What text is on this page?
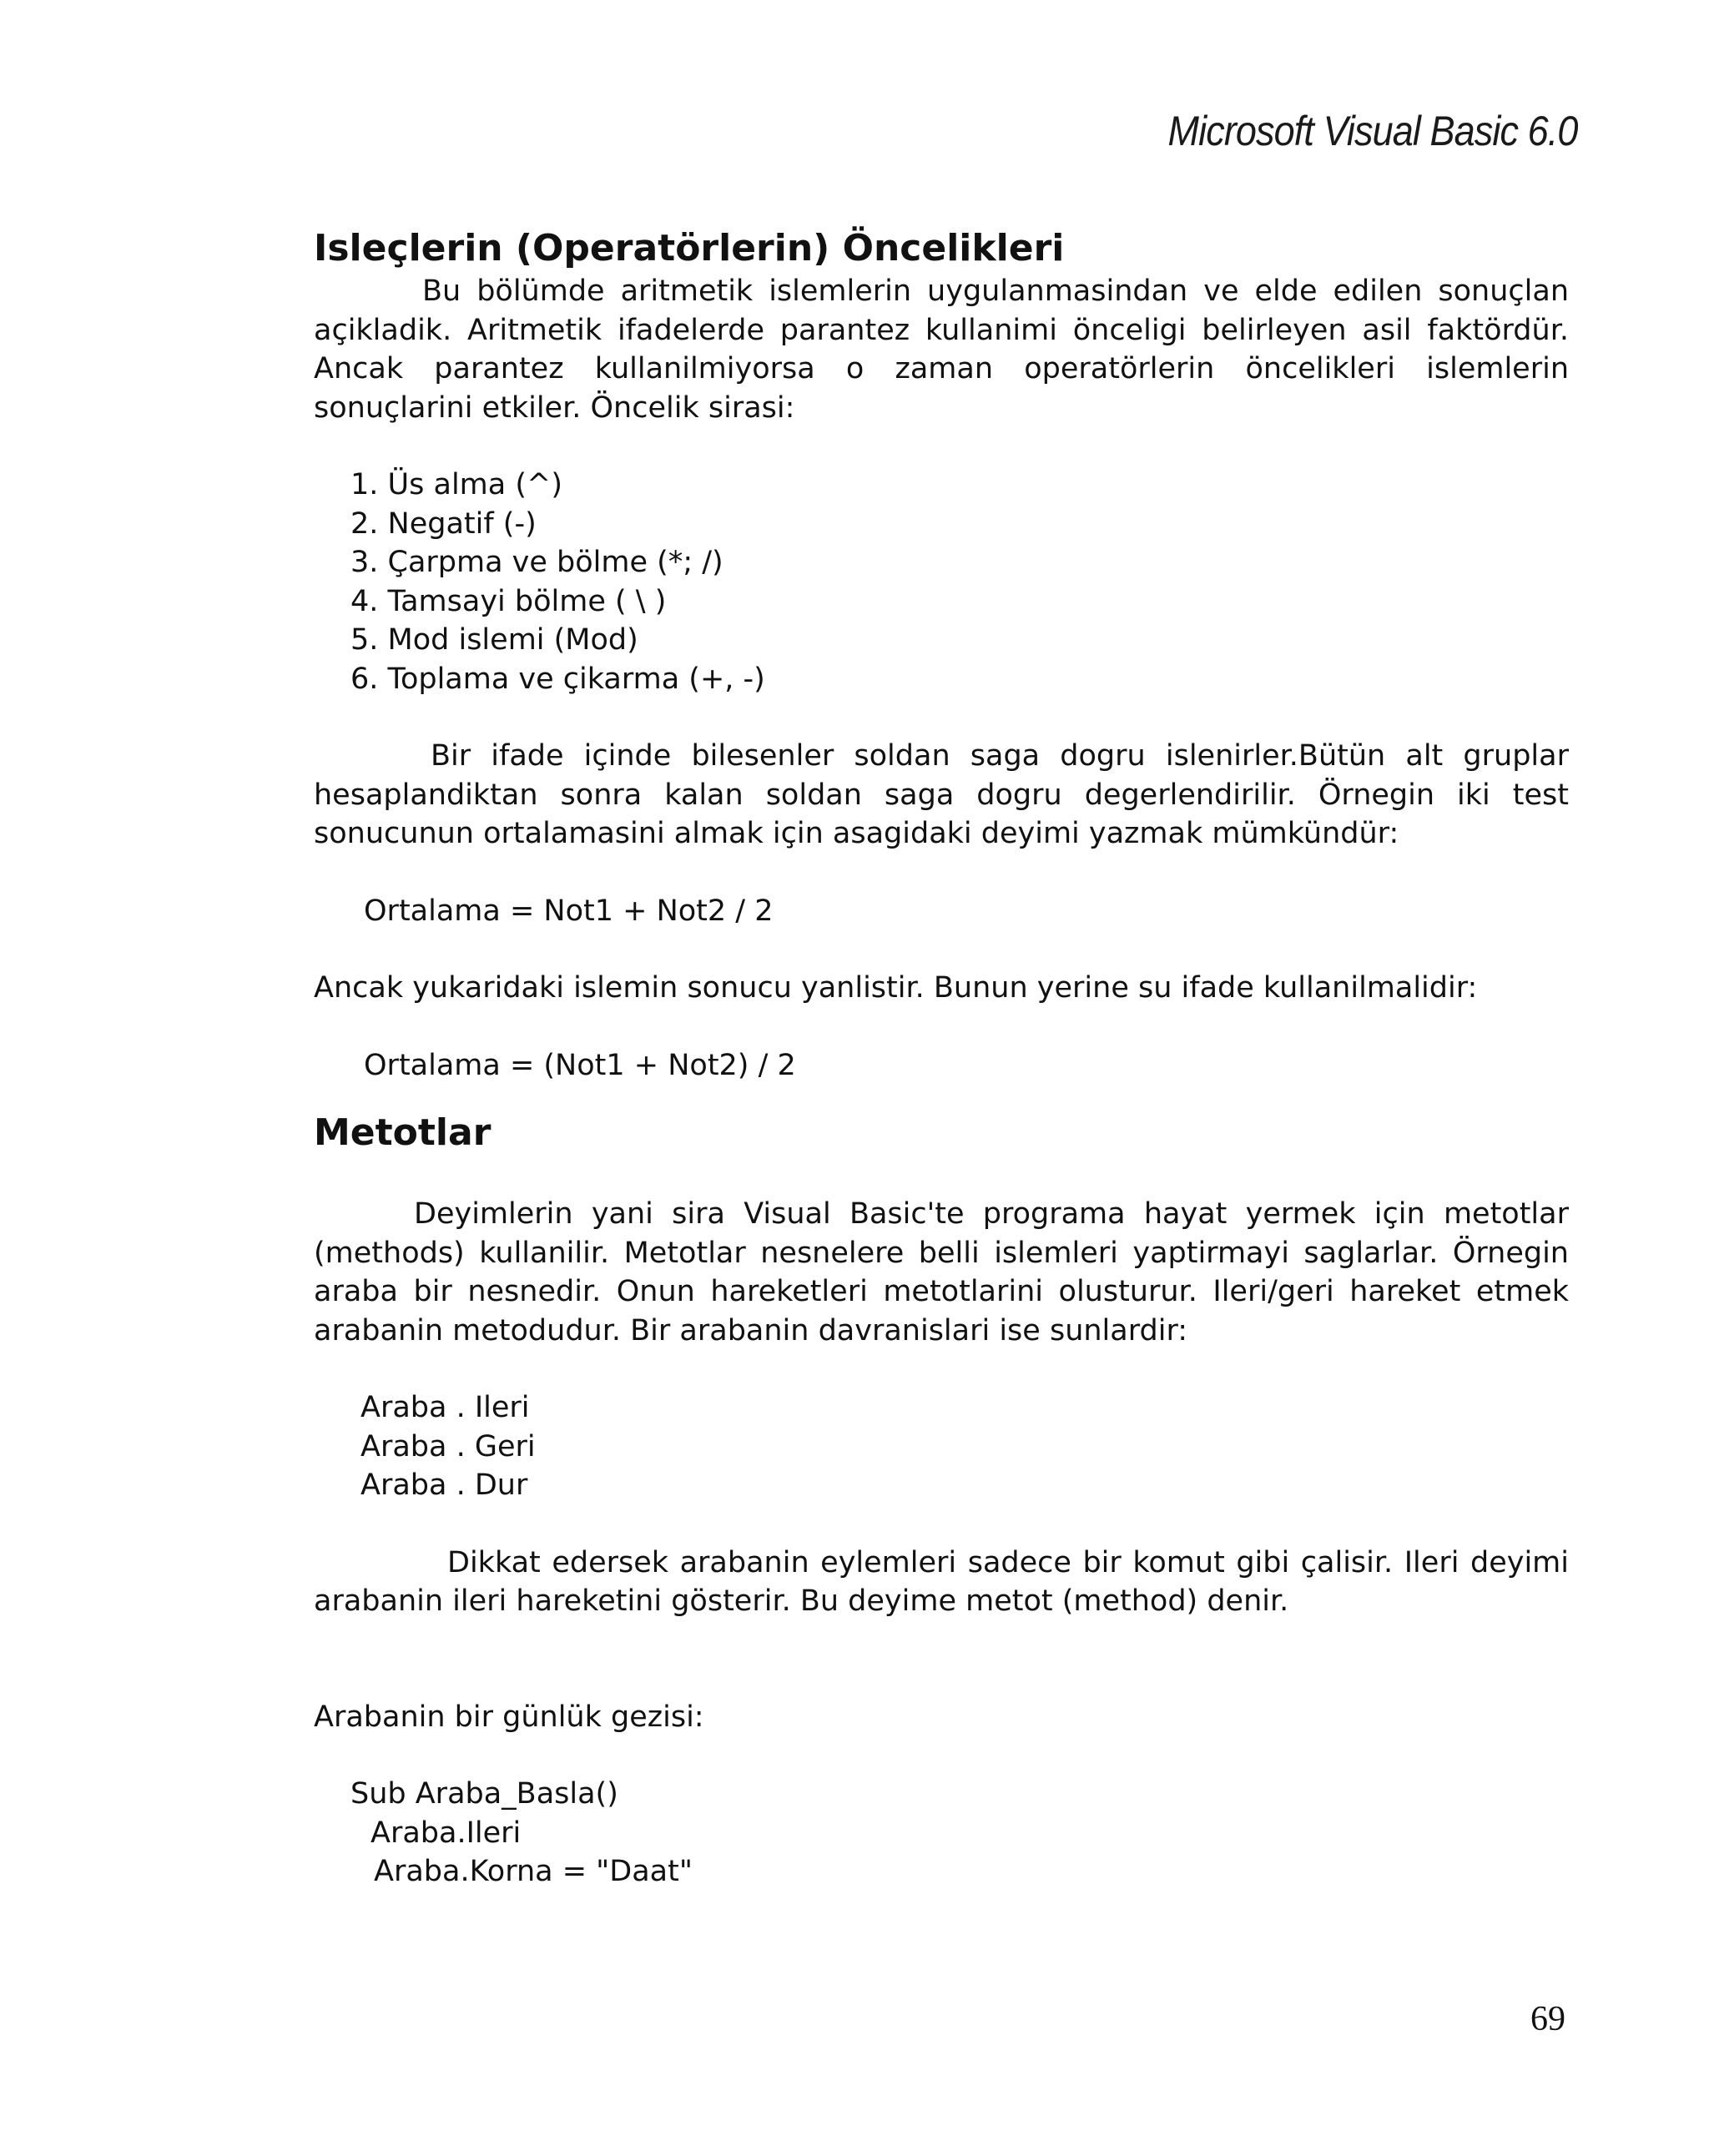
Microsoft Visual Basic 6.0
Isleçlerin (Operatörlerin) Öncelikleri

Bu bölümde aritmetik islemlerin uygulanmasindan ve elde edilen sonuçlan açikladik. Aritmetik ifadelerde parantez kullanimi önceligi belirleyen asil faktördür. Ancak parantez kullanilmiyorsa o zaman operatörlerin öncelikleri islemlerin sonuçlarini etkiler. Öncelik sirasi:

1. Üs alma (^)
2. Negatif (-)
3. Çarpma ve bölme (*; /)
4. Tamsayi bölme ( \ )
5. Mod islemi (Mod)
6. Toplama ve çikarma (+, -)

Bir ifade içinde bilesenler soldan saga dogru islenirler.Bütün alt gruplar hesaplandiktan sonra kalan soldan saga dogru degerlendirilir. Örnegin iki test sonucunun ortalamasini almak için asagidaki deyimi yazmak mümkündür:

Ortalama = Not1 + Not2 / 2

Ancak yukaridaki islemin sonucu yanlistir. Bunun yerine su ifade kullanilmalidir:

Ortalama = (Not1 + Not2) / 2

Metotlar

Deyimlerin yani sira Visual Basic'te programa hayat yermek için metotlar (methods) kullanilir. Metotlar nesnelere belli islemleri yaptirmayi saglarlar. Örnegin araba bir nesnedir. Onun hareketleri metotlarini olusturur. Ileri/geri hareket etmek arabanin metodudur. Bir arabanin davranislari ise sunlardir:

Araba . Ileri

Araba . Geri

Araba . Dur

Dikkat edersek arabanin eylemleri sadece bir komut gibi çalisir. Ileri deyimi arabanin ileri hareketini gösterir. Bu deyime metot (method) denir.

Arabanin bir günlük gezisi:

Sub Araba_Basla()

Araba.Ileri

Araba.Korna = "Daat"

69
